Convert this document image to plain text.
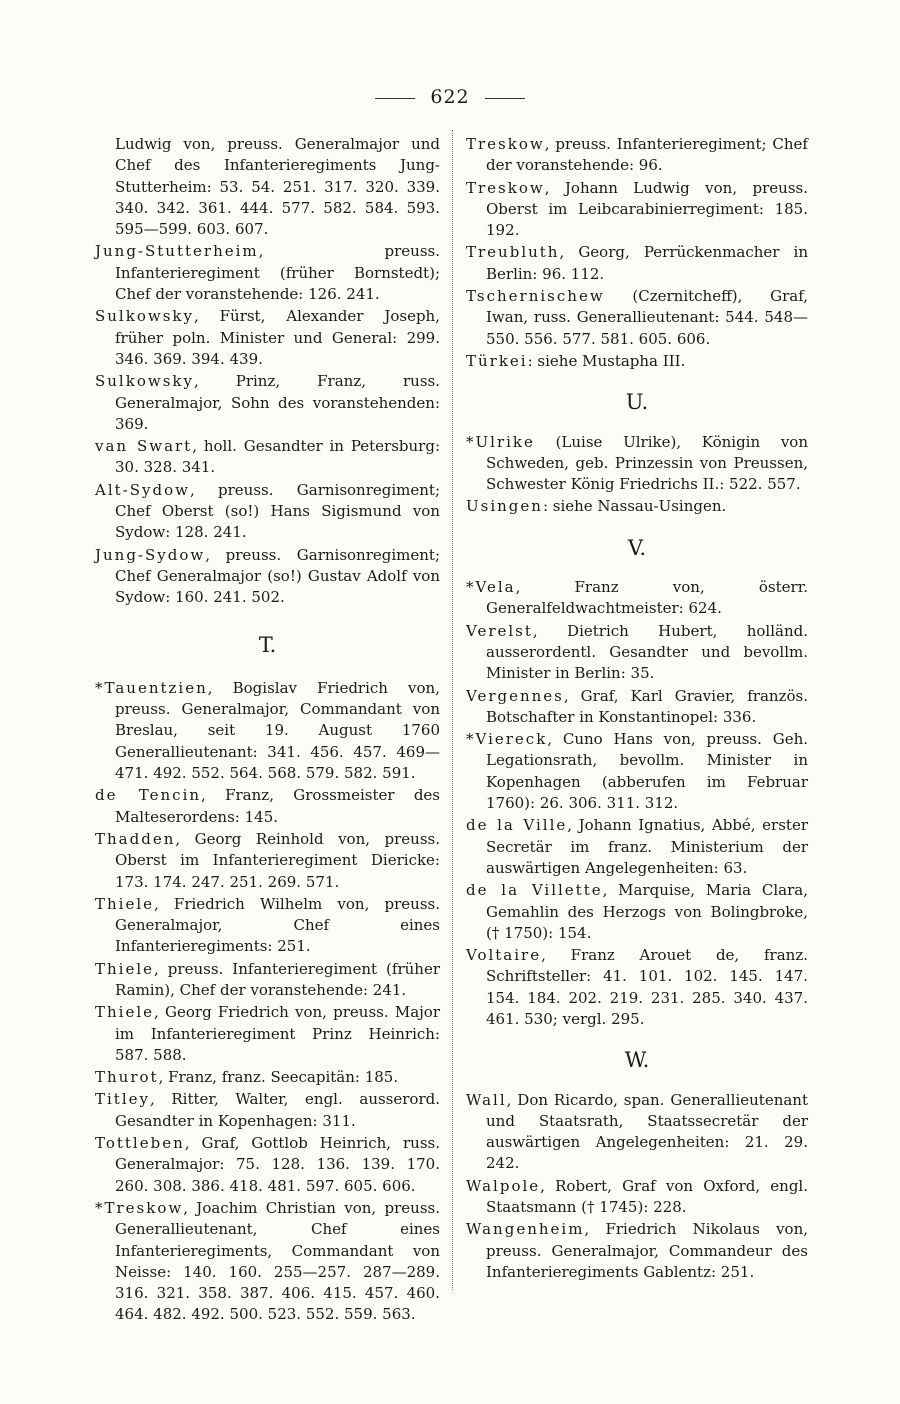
622

Ludwig von, preuss. Generalmajor und Chef des Infanterieregiments Jung-Stutterheim: 53. 54. 251. 317. 320. 339. 340. 342. 361. 444. 577. 582. 584. 593. 595—599. 603. 607.

Jung-Stutterheim, preuss. Infanterieregiment (früher Bornstedt); Chef der voranstehende: 126. 241.

Sulkowsky, Fürst, Alexander Joseph, früher poln. Minister und General: 299. 346. 369. 394. 439.

Sulkowsky, Prinz, Franz, russ. Generalmajor, Sohn des voranstehenden: 369.

van Swart, holl. Gesandter in Petersburg: 30. 328. 341.

Alt-Sydow, preuss. Garnisonregiment; Chef Oberst (so!) Hans Sigismund von Sydow: 128. 241.

Jung-Sydow, preuss. Garnisonregiment; Chef Generalmajor (so!) Gustav Adolf von Sydow: 160. 241. 502.

T.

*Tauentzien, Bogislav Friedrich von, preuss. Generalmajor, Commandant von Breslau, seit 19. August 1760 Generallieutenant: 341. 456. 457. 469—471. 492. 552. 564. 568. 579. 582. 591.

de Tencin, Franz, Grossmeister des Malteserordens: 145.

Thadden, Georg Reinhold von, preuss. Oberst im Infanterieregiment Diericke: 173. 174. 247. 251. 269. 571.

Thiele, Friedrich Wilhelm von, preuss. Generalmajor, Chef eines Infanterieregiments: 251.

Thiele, preuss. Infanterieregiment (früher Ramin), Chef der voranstehende: 241.

Thiele, Georg Friedrich von, preuss. Major im Infanterieregiment Prinz Heinrich: 587. 588.

Thurot, Franz, franz. Seecapitän: 185.

Titley, Ritter, Walter, engl. ausserord. Gesandter in Kopenhagen: 311.

Tottleben, Graf, Gottlob Heinrich, russ. Generalmajor: 75. 128. 136. 139. 170. 260. 308. 386. 418. 481. 597. 605. 606.

*Treskow, Joachim Christian von, preuss. Generallieutenant, Chef eines Infanterieregiments, Commandant von Neisse: 140. 160. 255—257. 287—289. 316. 321. 358. 387. 406. 415. 457. 460. 464. 482. 492. 500. 523. 552. 559. 563.

Treskow, preuss. Infanterieregiment; Chef der voranstehende: 96.

Treskow, Johann Ludwig von, preuss. Oberst im Leibcarabinierregiment: 185. 192.

Treubluth, Georg, Perrückenmacher in Berlin: 96. 112.

Tschernischew (Czernitcheff), Graf, Iwan, russ. Generallieutenant: 544. 548—550. 556. 577. 581. 605. 606.

Türkei: siehe Mustapha III.

U.

*Ulrike (Luise Ulrike), Königin von Schweden, geb. Prinzessin von Preussen, Schwester König Friedrichs II.: 522. 557.

Usingen: siehe Nassau-Usingen.

V.

*Vela, Franz von, österr. Generalfeldwachtmeister: 624.

Verelst, Dietrich Hubert, holländ. ausserordentl. Gesandter und bevollm. Minister in Berlin: 35.

Vergennes, Graf, Karl Gravier, französ. Botschafter in Konstantinopel: 336.

*Viereck, Cuno Hans von, preuss. Geh. Legationsrath, bevollm. Minister in Kopenhagen (abberufen im Februar 1760): 26. 306. 311. 312.

de la Ville, Johann Ignatius, Abbé, erster Secretär im franz. Ministerium der auswärtigen Angelegenheiten: 63.

de la Villette, Marquise, Maria Clara, Gemahlin des Herzogs von Bolingbroke, († 1750): 154.

Voltaire, Franz Arouet de, franz. Schriftsteller: 41. 101. 102. 145. 147. 154. 184. 202. 219. 231. 285. 340. 437. 461. 530; vergl. 295.

W.

Wall, Don Ricardo, span. Generallieutenant und Staatsrath, Staatssecretär der auswärtigen Angelegenheiten: 21. 29. 242.

Walpole, Robert, Graf von Oxford, engl. Staatsmann († 1745): 228.

Wangenheim, Friedrich Nikolaus von, preuss. Generalmajor, Commandeur des Infanterieregiments Gablentz: 251.
